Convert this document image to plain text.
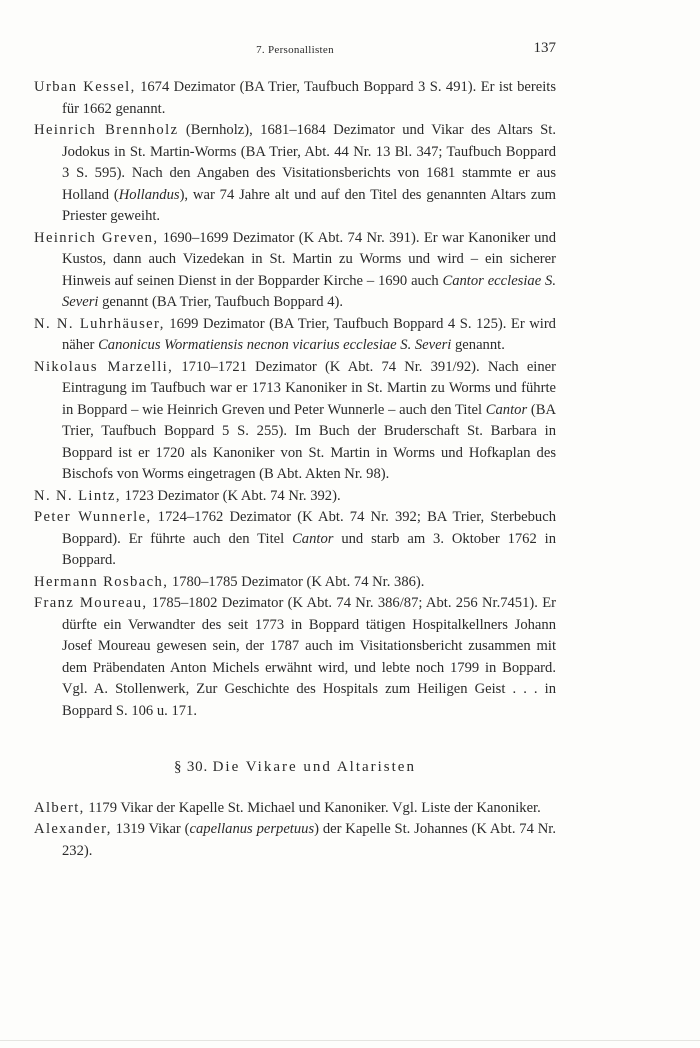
7. Personallisten	137

Urban Kessel, 1674 Dezimator (BA Trier, Taufbuch Boppard 3 S. 491). Er ist bereits für 1662 genannt.

Heinrich Brennholz (Bernholz), 1681–1684 Dezimator und Vikar des Altars St. Jodokus in St. Martin-Worms (BA Trier, Abt. 44 Nr. 13 Bl. 347; Taufbuch Boppard 3 S. 595). Nach den Angaben des Visitationsberichts von 1681 stammte er aus Holland (Hollandus), war 74 Jahre alt und auf den Titel des genannten Altars zum Priester geweiht.

Heinrich Greven, 1690–1699 Dezimator (K Abt. 74 Nr. 391). Er war Kanoniker und Kustos, dann auch Vizedekan in St. Martin zu Worms und wird – ein sicherer Hinweis auf seinen Dienst in der Bopparder Kirche – 1690 auch Cantor ecclesiae S. Severi genannt (BA Trier, Taufbuch Boppard 4).

N. N. Luhrhäuser, 1699 Dezimator (BA Trier, Taufbuch Boppard 4 S. 125). Er wird näher Canonicus Wormatiensis necnon vicarius ecclesiae S. Severi genannt.

Nikolaus Marzelli, 1710–1721 Dezimator (K Abt. 74 Nr. 391/92). Nach einer Eintragung im Taufbuch war er 1713 Kanoniker in St. Martin zu Worms und führte in Boppard – wie Heinrich Greven und Peter Wunnerle – auch den Titel Cantor (BA Trier, Taufbuch Boppard 5 S. 255). Im Buch der Bruderschaft St. Barbara in Boppard ist er 1720 als Kanoniker von St. Martin in Worms und Hofkaplan des Bischofs von Worms eingetragen (B Abt. Akten Nr. 98).

N. N. Lintz, 1723 Dezimator (K Abt. 74 Nr. 392).

Peter Wunnerle, 1724–1762 Dezimator (K Abt. 74 Nr. 392; BA Trier, Sterbebuch Boppard). Er führte auch den Titel Cantor und starb am 3. Oktober 1762 in Boppard.

Hermann Rosbach, 1780–1785 Dezimator (K Abt. 74 Nr. 386).

Franz Moureau, 1785–1802 Dezimator (K Abt. 74 Nr. 386/87; Abt. 256 Nr.7451). Er dürfte ein Verwandter des seit 1773 in Boppard tätigen Hospitalkellners Johann Josef Moureau gewesen sein, der 1787 auch im Visitationsbericht zusammen mit dem Präbendaten Anton Michels erwähnt wird, und lebte noch 1799 in Boppard. Vgl. A. Stollenwerk, Zur Geschichte des Hospitals zum Heiligen Geist . . . in Boppard S. 106 u. 171.

§ 30. Die Vikare und Altaristen

Albert, 1179 Vikar der Kapelle St. Michael und Kanoniker. Vgl. Liste der Kanoniker.

Alexander, 1319 Vikar (capellanus perpetuus) der Kapelle St. Johannes (K Abt. 74 Nr. 232).
